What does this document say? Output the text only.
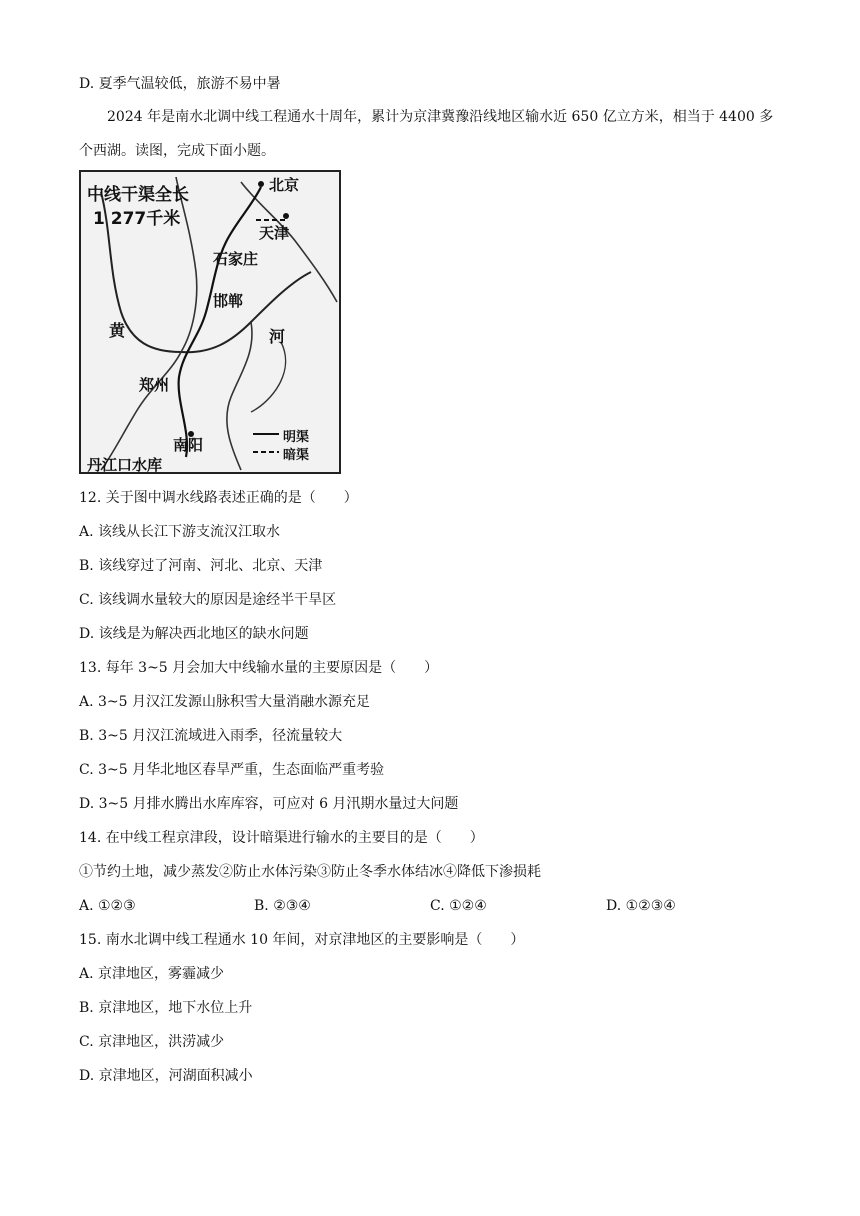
D. 夏季气温较低，旅游不易中暑
2024 年是南水北调中线工程通水十周年，累计为京津冀豫沿线地区输水近 650 亿立方米，相当于 4400 多个西湖。读图，完成下面小题。
中线干渠全长
1 277千米
北京
天津
石家庄
邯郸
黄	河
郑州
南阳
丹江口水库
明渠
暗渠
12. 关于图中调水线路表述正确的是（　　）
A. 该线从长江下游支流汉江取水
B. 该线穿过了河南、河北、北京、天津
C. 该线调水量较大的原因是途经半干旱区
D. 该线是为解决西北地区的缺水问题
13. 每年 3~5 月会加大中线输水量的主要原因是（　　）
A. 3~5 月汉江发源山脉积雪大量消融水源充足
B. 3~5 月汉江流域进入雨季，径流量较大
C. 3~5 月华北地区春旱严重，生态面临严重考验
D. 3~5 月排水腾出水库库容，可应对 6 月汛期水量过大问题
14. 在中线工程京津段，设计暗渠进行输水的主要目的是（　　）
①节约土地，减少蒸发②防止水体污染③防止冬季水体结冰④降低下渗损耗
A. ①②③	B. ②③④	C. ①②④	D. ①②③④
15. 南水北调中线工程通水 10 年间，对京津地区的主要影响是（　　）
A. 京津地区，雾霾减少
B. 京津地区，地下水位上升
C. 京津地区，洪涝减少
D. 京津地区，河湖面积减小
